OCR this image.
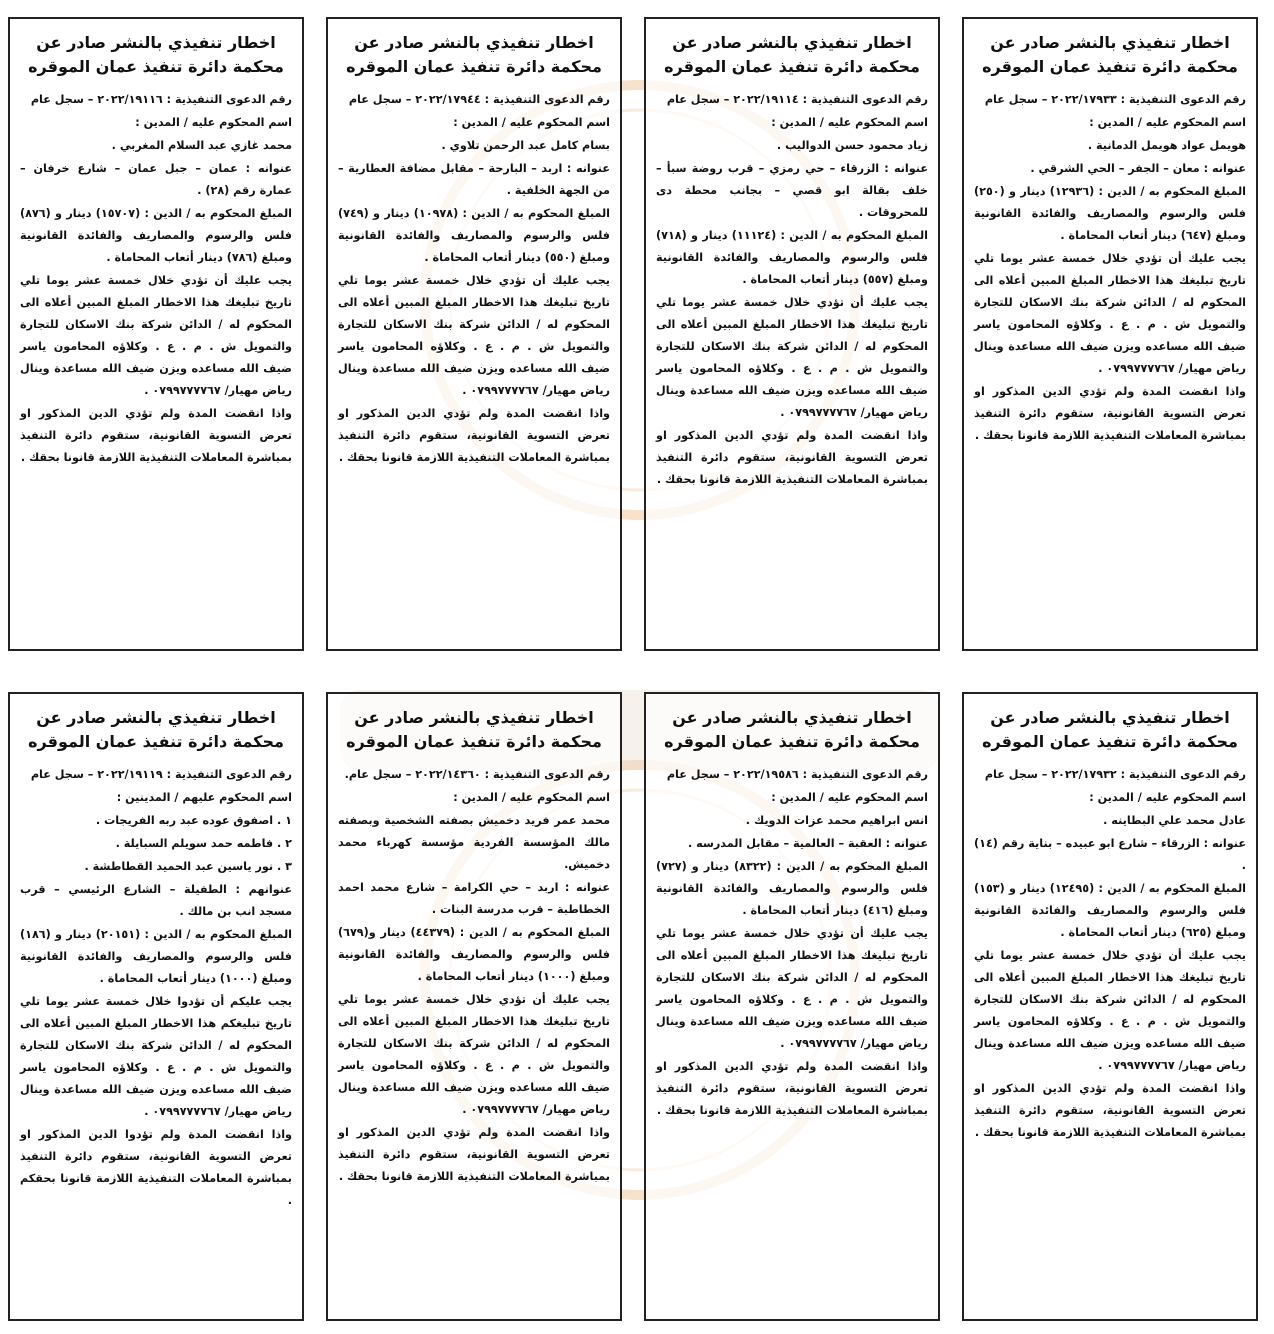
اخطار تنفيذي بالنشر صادر عن
محكمة دائرة تنفيذ عمان الموقره

رقم الدعوى التنفيذية : ٢٠٢٢/١٧٩٣٣ – سجل عام

اسم المحكوم عليه / المدين :

هويمل عواد هويمل الدمانية .

عنوانه : معان – الجفر – الحي الشرقي .

المبلغ المحكوم به / الدين : (١٢٩٣٦) دينار و (٢٥٠) فلس والرسوم والمصاريف والفائدة القانونية ومبلغ (٦٤٧) دينار أتعاب المحاماة .

يجب عليك أن تؤدي خلال خمسة عشر يوما تلي تاريخ تبليغك هذا الاخطار المبلغ المبين أعلاه الى المحكوم له / الدائن شركة بنك الاسكان للتجارة والتمويل ش . م . ع . وكلاؤه المحامون ياسر ضيف الله مساعده ويزن ضيف الله مساعدة وينال رياض مهيار/ ٠٧٩٩٧٧٧٧٦٧ .

واذا انقضت المدة ولم تؤدي الدين المذكور او تعرض التسوية القانونية، ستقوم دائرة التنفيذ بمباشرة المعاملات التنفيذية اللازمة قانونا بحقك .

اخطار تنفيذي بالنشر صادر عن
محكمة دائرة تنفيذ عمان الموقره

رقم الدعوى التنفيذية : ٢٠٢٢/١٩١١٤ – سجل عام

اسم المحكوم عليه / المدين :

زياد محمود حسن الدواليب .

عنوانه : الزرقاء – حي رمزي – قرب روضة سبأ – خلف بقالة ابو قصي – بجانب محطة دى للمحروقات .

المبلغ المحكوم به / الدين : (١١١٢٤) دينار و (٧١٨) فلس والرسوم والمصاريف والفائدة القانونية ومبلغ (٥٥٧) دينار أتعاب المحاماة .

يجب عليك أن تؤدي خلال خمسة عشر يوما تلي تاريخ تبليغك هذا الاخطار المبلغ المبين أعلاه الى المحكوم له / الدائن شركة بنك الاسكان للتجارة والتمويل ش . م . ع . وكلاؤه المحامون ياسر ضيف الله مساعده ويزن ضيف الله مساعدة وينال رياض مهيار/ ٠٧٩٩٧٧٧٧٦٧ .

واذا انقضت المدة ولم تؤدي الدين المذكور او تعرض التسوية القانونية، ستقوم دائرة التنفيذ بمباشرة المعاملات التنفيذية اللازمة قانونا بحقك .

اخطار تنفيذي بالنشر صادر عن
محكمة دائرة تنفيذ عمان الموقره

رقم الدعوى التنفيذية : ٢٠٢٢/١٧٩٤٤ – سجل عام

اسم المحكوم عليه / المدين :

بسام كامل عبد الرحمن تلاوي .

عنوانه : اربد – البارحة – مقابل مضافة العطارية – من الجهة الخلفية .

المبلغ المحكوم به / الدين : (١٠٩٧٨) دينار و (٧٤٩) فلس والرسوم والمصاريف والفائدة القانونية ومبلغ (٥٥٠) دينار أتعاب المحاماة .

يجب عليك أن تؤدي خلال خمسة عشر يوما تلي تاريخ تبليغك هذا الاخطار المبلغ المبين أعلاه الى المحكوم له / الدائن شركة بنك الاسكان للتجارة والتمويل ش . م . ع . وكلاؤه المحامون ياسر ضيف الله مساعده ويزن ضيف الله مساعدة وينال رياض مهيار/ ٠٧٩٩٧٧٧٧٦٧ .

واذا انقضت المدة ولم تؤدي الدين المذكور او تعرض التسوية القانونية، ستقوم دائرة التنفيذ بمباشرة المعاملات التنفيذية اللازمة قانونا بحقك .

اخطار تنفيذي بالنشر صادر عن
محكمة دائرة تنفيذ عمان الموقره

رقم الدعوى التنفيذية : ٢٠٢٢/١٩١١٦ – سجل عام

اسم المحكوم عليه / المدين :

محمد غازي عبد السلام المغربي .

عنوانه : عمان – جبل عمان – شارع خرفان – عمارة رقم (٢٨) .

المبلغ المحكوم به / الدين : (١٥٧٠٧) دينار و (٨٧٦) فلس والرسوم والمصاريف والفائدة القانونية ومبلغ (٧٨٦) دينار أتعاب المحاماة .

يجب عليك أن تؤدي خلال خمسة عشر يوما تلي تاريخ تبليغك هذا الاخطار المبلغ المبين أعلاه الى المحكوم له / الدائن شركة بنك الاسكان للتجارة والتمويل ش . م . ع . وكلاؤه المحامون ياسر ضيف الله مساعده ويزن ضيف الله مساعدة وينال رياض مهيار/ ٠٧٩٩٧٧٧٧٦٧ .

واذا انقضت المدة ولم تؤدي الدين المذكور او تعرض التسوية القانونية، ستقوم دائرة التنفيذ بمباشرة المعاملات التنفيذية اللازمة قانونا بحقك .

اخطار تنفيذي بالنشر صادر عن
محكمة دائرة تنفيذ عمان الموقره

رقم الدعوى التنفيذية : ٢٠٢٢/١٧٩٣٢ – سجل عام

اسم المحكوم عليه / المدين :

عادل محمد علي البطاينه .

عنوانه : الزرقاء – شارع ابو عبيده – بناية رقم (١٤) .

المبلغ المحكوم به / الدين : (١٢٤٩٥) دينار و (١٥٣) فلس والرسوم والمصاريف والفائدة القانونية ومبلغ (٦٢٥) دينار أتعاب المحاماة .

يجب عليك أن تؤدي خلال خمسة عشر يوما تلي تاريخ تبليغك هذا الاخطار المبلغ المبين أعلاه الى المحكوم له / الدائن شركة بنك الاسكان للتجارة والتمويل ش . م . ع . وكلاؤه المحامون ياسر ضيف الله مساعده ويزن ضيف الله مساعدة وينال رياض مهيار/ ٠٧٩٩٧٧٧٧٦٧ .

واذا انقضت المدة ولم تؤدي الدين المذكور او تعرض التسوية القانونية، ستقوم دائرة التنفيذ بمباشرة المعاملات التنفيذية اللازمة قانونا بحقك .

اخطار تنفيذي بالنشر صادر عن
محكمة دائرة تنفيذ عمان الموقره

رقم الدعوى التنفيذية : ٢٠٢٢/١٩٥٨٦ – سجل عام

اسم المحكوم عليه / المدين :

انس ابراهيم محمد عزات الدويك .

عنوانه : العقبة – العالمية – مقابل المدرسه .

المبلغ المحكوم به / الدين : (٨٣٢٢) دينار و (٧٢٧) فلس والرسوم والمصاريف والفائدة القانونية ومبلغ (٤١٦) دينار أتعاب المحاماة .

يجب عليك أن تؤدي خلال خمسة عشر يوما تلي تاريخ تبليغك هذا الاخطار المبلغ المبين أعلاه الى المحكوم له / الدائن شركة بنك الاسكان للتجارة والتمويل ش . م . ع . وكلاؤه المحامون ياسر ضيف الله مساعده ويزن ضيف الله مساعدة وينال رياض مهيار/ ٠٧٩٩٧٧٧٧٦٧ .

واذا انقضت المدة ولم تؤدي الدين المذكور او تعرض التسوية القانونية، ستقوم دائرة التنفيذ بمباشرة المعاملات التنفيذية اللازمة قانونا بحقك .

اخطار تنفيذي بالنشر صادر عن
محكمة دائرة تنفيذ عمان الموقره

رقم الدعوى التنفيذية : ٢٠٢٢/١٤٣٦٠ – سجل عام.

اسم المحكوم عليه / المدين :

محمد عمر فريد دخميش بصفته الشخصية وبصفته مالك المؤسسة الفردية مؤسسة كهرباء محمد دخميش.

عنوانه : اربد – حي الكرامة – شارع محمد احمد الخطاطبة – قرب مدرسة البنات .

المبلغ المحكوم به / الدين : (٤٤٣٧٩) دينار و(٦٧٩) فلس والرسوم والمصاريف والفائدة القانونية ومبلغ (١٠٠٠) دينار أتعاب المحاماة .

يجب عليك أن تؤدي خلال خمسة عشر يوما تلي تاريخ تبليغك هذا الاخطار المبلغ المبين أعلاه الى المحكوم له / الدائن شركة بنك الاسكان للتجارة والتمويل ش . م . ع . وكلاؤه المحامون ياسر ضيف الله مساعده ويزن ضيف الله مساعدة وينال رياض مهيار/ ٠٧٩٩٧٧٧٧٦٧ .

واذا انقضت المدة ولم تؤدي الدين المذكور او تعرض التسوية القانونية، ستقوم دائرة التنفيذ بمباشرة المعاملات التنفيذية اللازمة قانونا بحقك .

اخطار تنفيذي بالنشر صادر عن
محكمة دائرة تنفيذ عمان الموقره

رقم الدعوى التنفيذية : ٢٠٢٢/١٩١١٩ – سجل عام

اسم المحكوم عليهم / المدينين :

١ . اصفوق عوده عبد ربه الفريجات .

٢ . فاطمه حمد سويلم السبايلة .

٣ . نور ياسين عبد الحميد القطاطشة .

عنوانهم : الطفيلة – الشارع الرئيسي – قرب مسجد انب بن مالك .

المبلغ المحكوم به / الدين : (٢٠١٥١) دينار و (١٨٦) فلس والرسوم والمصاريف والفائدة القانونية ومبلغ (١٠٠٠) دينار أتعاب المحاماة .

يجب عليكم أن تؤدوا خلال خمسة عشر يوما تلي تاريخ تبليغكم هذا الاخطار المبلغ المبين أعلاه الى المحكوم له / الدائن شركة بنك الاسكان للتجارة والتمويل ش . م . ع . وكلاؤه المحامون ياسر ضيف الله مساعده ويزن ضيف الله مساعدة وينال رياض مهيار/ ٠٧٩٩٧٧٧٧٦٧ .

واذا انقضت المدة ولم تؤدوا الدين المذكور او تعرض التسوية القانونية، ستقوم دائرة التنفيذ بمباشرة المعاملات التنفيذية اللازمة قانونا بحقكم .
